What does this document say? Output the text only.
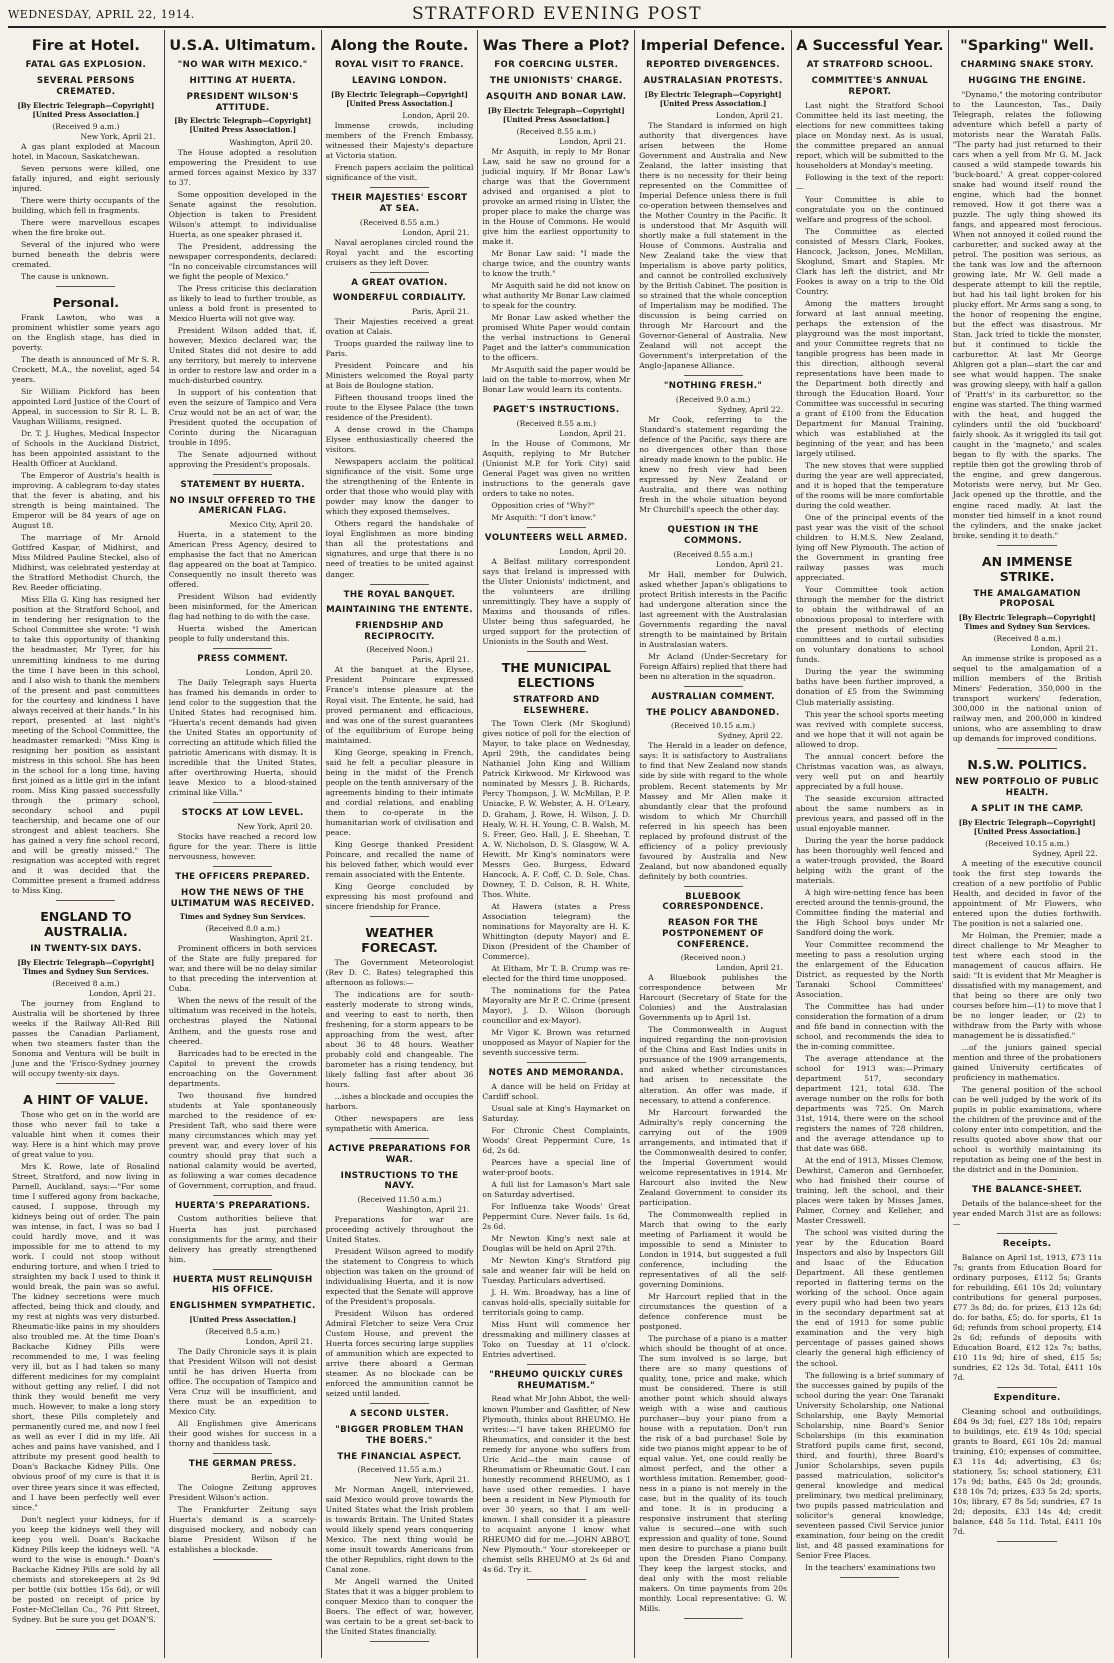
WEDNESDAY, APRIL 22, 1914.	STRATFORD EVENING POST
Fire at Hotel.
FATAL GAS EXPLOSION.
SEVERAL PERSONS CREMATED.
[By Electric Telegraph—Copyright] [United Press Association.]
(Received 9 a.m.)
New York, April 21.

A gas plant exploded at Macoun hotel, in Macoun, Saskatchewan.

Seven persons were killed, one fatally injured, and eight seriously injured.

There were thirty occupants of the building, which fell in fragments.

There were marvellous escapes when the fire broke out.

Several of the injured who were burned beneath the debris were cremated.

The cause is unknown.

Personal.

Frank Lawton, who was a prominent whistler some years ago on the English stage, has died in poverty.

The death is announced of Mr S. R. Crockett, M.A., the novelist, aged 54 years.

Sir William Pickford has been appointed Lord Justice of the Court of Appeal, in succession to Sir R. L. B. Vaughan Williams, resigned.

Dr. T. J. Hughes, Medical Inspector of Schools in the Auckland District, has been appointed assistant to the Health Officer at Auckland.

The Emperor of Austria's health is improving. A cablegram to-day states that the fever is abating, and his strength is being maintained. The Emperor will be 84 years of age on August 18.

The marriage of Mr Arnold Gottfred Kaspar, of Midhirst, and Miss Mildred Pauline Steckel, also of Midhirst, was celebrated yesterday at the Stratford Methodist Church, the Rev. Reeder officiating.

Miss Ella G. King has resigned her position at the Stratford School, and in tendering her resignation to the School Committee she wrote: "I wish to take this opportunity of thanking the headmaster, Mr Tyrer, for his unremitting kindness to me during the time I have been in this school, and I also wish to thank the members of the present and past committees for the courtesy and kindness I have always received at their hands." In his report, presented at last night's meeting of the School Committee, the headmaster remarked: "Miss King is resigning her position as assistant mistress in this school. She has been in the school for a long time, having first joined as a little girl in the infant room. Miss King passed successfully through the primary school, secondary school and pupil teachership, and became one of our strongest and ablest teachers. She has gained a very fine school record, and will be greatly missed." The resignation was accepted with regret and it was decided that the Committee present a framed address to Miss King.

ENGLAND TO AUSTRALIA.
IN TWENTY-SIX DAYS.
[By Electric Telegraph—Copyright] Times and Sydney Sun Services.
(Received 8 a.m.)
London, April 21.

The journey from England to Australia will be shortened by three weeks if the Railway All-Red Bill passes the Canadian Parliament, when two steamers faster than the Sonoma and Ventura will be built in June and the 'Frisco-Sydney journey will occupy twenty-six days.

A HINT OF VALUE.

Those who get on in the world are those who never fail to take a valuable hint when it comes their way. Here is a hint which may prove of great value to you.

Mrs K. Rowe, late of Rosalind Street, Stratford, and now living in Parnell, Auckland, says:—"For some time I suffered agony from backache, caused, I suppose, through my kidneys being out of order. The pain was intense, in fact, I was so bad I could hardly move, and it was impossible for me to attend to my work. I could not stoop without enduring torture, and when I tried to straighten my back I used to think it would break, the pain was so awful. The kidney secretions were much affected, being thick and cloudy, and my rest at nights was very disturbed. Rheumatic-like pains in my shoulders also troubled me. At the time Doan's Backache Kidney Pills were recommended to me, I was feeling very ill, but as I had taken so many different medicines for my complaint without getting any relief, I did not think they would benefit me very much. However, to make a long story short, these Pills completely and permanently cured me, and now I feel as well as ever I did in my life. All aches and pains have vanished, and I attribute my present good health to Doan's Backache Kidney Pills. One obvious proof of my cure is that it is over three years since it was effected, and I have been perfectly well ever since."

Don't neglect your kidneys, for if you keep the kidneys well they will keep you well. Doan's Backache Kidney Pills keep the kidneys well. "A word to the wise is enough." Doan's Backache Kidney Pills are sold by all chemists and storekeepers at 2s 9d per bottle (six bottles 15s 6d), or will be posted on receipt of price by Foster-McClellan Co., 76 Pitt Street, Sydney. But be sure you get DOAN'S.

U.S.A. Ultimatum.
"NO WAR WITH MEXICO."
HITTING AT HUERTA.
PRESIDENT WILSON'S ATTITUDE.
[By Electric Telegraph—Copyright] [United Press Association.]
Washington, April 20.

The House adopted a resolution empowering the President to use armed forces against Mexico by 337 to 37.

Some opposition developed in the Senate against the resolution. Objection is taken to President Wilson's attempt to individualise Huerta, as one speaker phrased it.

The President, addressing the newspaper correspondents, declared: "In no conceivable circumstances will we fight the people of Mexico."

The Press criticise this declaration as likely to lead to further trouble, as unless a bold front is presented to Mexico Huerta will not give way.

President Wilson added that, if, however, Mexico declared war, the United States did not desire to add any territory, but merely to intervene in order to restore law and order in a much-disturbed country.

In support of his contention that even the seizure of Tampico and Vera Cruz would not be an act of war, the President quoted the occupation of Corinto during the Nicaraguan trouble in 1895.

The Senate adjourned without approving the President's proposals.

STATEMENT BY HUERTA.
NO INSULT OFFERED TO THE AMERICAN FLAG.
Mexico City, April 20.

Huerta, in a statement to the American Press Agency, desired to emphasise the fact that no American flag appeared on the boat at Tampico. Consequently no insult thereto was offered.

President Wilson had evidently been misinformed, for the American flag had nothing to do with the case.

Huerta wished the American people to fully understand this.

PRESS COMMENT.
London, April 20.

The Daily Telegraph says Huerta has framed his demands in order to lend color to the suggestion that the United States had recognised him. "Huerta's recent demands had given the United States an opportunity of correcting an attitude which filled the patriotic Americans with dismay. It is incredible that the United States, after overthrowing Huerta, should leave Mexico to a blood-stained criminal like Villa."

STOCKS AT LOW LEVEL.
New York, April 20.

Stocks have reached a record low figure for the year. There is little nervousness, however.

THE OFFICERS PREPARED.
HOW THE NEWS OF THE ULTIMATUM WAS RECEIVED.
Times and Sydney Sun Services.
(Received 8.0 a.m.)
Washington, April 21.

Prominent officers in both services of the State are fully prepared for war, and there will be no delay similar to that preceding the intervention at Cuba.

When the news of the result of the ultimatum was received in the hotels, orchestras played the National Anthem, and the guests rose and cheered.

Barricades had to be erected in the Capitol to prevent the crowds encroaching on the Government departments.

Two thousand five hundred students at Yale spontaneously marched to the residence of ex-President Taft, who said there were many circumstances which may yet prevent war, and every lover of his country should pray that such a national calamity would be averted, as following a war comes decadence of Government, corruption, and fraud.

HUERTA'S PREPARATIONS.

Custom authorities believe that Huerta has just purchased consignments for the army, and their delivery has greatly strengthened him.

HUERTA MUST RELINQUISH HIS OFFICE.
ENGLISHMEN SYMPATHETIC.
[United Press Association.]
(Received 8.5 a.m.)
London, April 21.

The Daily Chronicle says it is plain that President Wilson will not desist until he has driven Huerta from office. The occupation of Tampico and Vera Cruz will be insufficient, and there must be an expedition to Mexico City.

All Englishmen give Americans their good wishes for success in a thorny and thankless task.

THE GERMAN PRESS.
Berlin, April 21.

The Cologne Zeitung approves President Wilson's action.

The Frankfurter Zeitung says Huerta's demand is a scarcely-disguised mockery, and nobody can blame President Wilson if he establishes a blockade.

Along the Route.
ROYAL VISIT TO FRANCE.
LEAVING LONDON.
[By Electric Telegraph—Copyright] [United Press Association.]
London, April 20.

Immense crowds, including members of the French Embassy, witnessed their Majesty's departure at Victoria station.

French papers acclaim the political significance of the visit.

THEIR MAJESTIES' ESCORT AT SEA.
(Received 8.55 a.m.)
London, April 21.

Naval aeroplanes circled round the Royal yacht and the escorting cruisers as they left Dover.

A GREAT OVATION.
WONDERFUL CORDIALITY.
Paris, April 21.

Their Majesties received a great ovation at Calais.

Troops guarded the railway line to Paris.

President Poincare and his Ministers welcomed the Royal party at Bois de Boulogne station.

Fifteen thousand troops lined the route to the Elysee Palace (the town residence of the President).

A dense crowd in the Champs Elysee enthusiastically cheered the visitors.

Newspapers acclaim the political significance of the visit. Some urge the strengthening of the Entente in order that those who would play with powder may know the danger to which they exposed themselves.

Others regard the handshake of loyal Englishmen as more binding than all the protestations and signatures, and urge that there is no need of treaties to be united against danger.

THE ROYAL BANQUET.
MAINTAINING THE ENTENTE.
FRIENDSHIP AND RECIPROCITY.
(Received Noon.)
Paris, April 21.

At the banquet at the Elysee, President Poincare expressed France's intense pleasure at the Royal visit. The Entente, he said, had proved permanent and efficacious, and was one of the surest guarantees of the equilibrium of Europe being maintained.

King George, speaking in French, said he felt a peculiar pleasure in being in the midst of the French people on the tenth anniversary of the agreements binding to their intimate and cordial relations, and enabling them to co-operate in the humanitarian work of civilisation and peace.

King George thanked President Poincare, and recalled the name of his beloved father, which would ever remain associated with the Entente.

King George concluded by expressing his most profound and sincere friendship for France.

WEATHER FORECAST.

The Government Meteorologist (Rev D. C. Bates) telegraphed this afternoon as follows:—

The indications are for south-easterly moderate to strong winds, and veering to east to north, then freshening, for a storm appears to be approaching from the west, after about 36 to 48 hours. Weather probably cold and changeable. The barometer has a rising tendency, but likely falling fast after about 36 hours.

...ishes a blockade and occupies the harbors.

Other newspapers are less sympathetic with America.

ACTIVE PREPARATIONS FOR WAR.
INSTRUCTIONS TO THE NAVY.
(Received 11.50 a.m.)
Washington, April 21.

Preparations for war are proceeding actively throughout the United States.

President Wilson agreed to modify the statement to Congress to which objection was taken on the ground of individualising Huerta, and it is now expected that the Senate will approve of the President's proposals.

President Wilson has ordered Admiral Fletcher to seize Vera Cruz Custom House, and prevent the Huerta forces securing large supplies of ammunition which are expected to arrive there aboard a German steamer. As no blockade can be enforced the ammunition cannot be seized until landed.

A SECOND ULSTER.
"BIGGER PROBLEM THAN THE BOERS."
THE FINANCIAL ASPECT.
(Received 11.55 a.m.)
New York, April 21.

Mr Norman Angell, interviewed, said Mexico would prove towards the United States what the Irish problem is towards Britain. The United States would likely spend years conquering Mexico. The next thing would be some insult towards Americans from the other Republics, right down to the Canal zone.

Mr Angell warned the United States that it was a bigger problem to conquer Mexico than to conquer the Boers. The effect of war, however, was certain to be a great set-back to the United States financially.

Was There a Plot?
FOR COERCING ULSTER.
THE UNIONISTS' CHARGE.
ASQUITH AND BONAR LAW.
[By Electric Telegraph—Copyright] [United Press Association.]
(Received 8.55 a.m.)
London, April 21.

Mr Asquith, in reply to Mr Bonar Law, said he saw no ground for a judicial inquiry. If Mr Bonar Law's charge was that the Government advised and organised a plot to provoke an armed rising in Ulster, the proper place to make the charge was in the House of Commons. He would give him the earliest opportunity to make it.

Mr Bonar Law said: "I made the charge twice, and the country wants to know the truth."

Mr Asquith said he did not know on what authority Mr Bonar Law claimed to speak for the country.

Mr Bonar Law asked whether the promised White Paper would contain the verbal instructions to General Paget and the latter's communication to the officers.

Mr Asquith said the paper would be laid on the table to-morrow, when Mr Bonar Law would learn its contents.

PAGET'S INSTRUCTIONS.
(Received 8.55 a.m.)
London, April 21.

In the House of Commons, Mr Asquith, replying to Mr Butcher (Unionist M.P. for York City) said General Paget was given no written instructions to the generals gave orders to take no notes.

Opposition cries of "Why?"

Mr Asquith: "I don't know."

VOLUNTEERS WELL ARMED.
London, April 20.

A Belfast military correspondent says that Ireland is impressed with the Ulster Unionists' indictment, and the volunteers are drilling unremittingly. They have a supply of Maxims and thousands of rifles. Ulster being thus safeguarded, he urged support for the protection of Unionists in the South and West.

THE MUNICIPAL ELECTIONS
STRATFORD AND ELSEWHERE.

The Town Clerk (Mr Skoglund) gives notice of poll for the election of Mayor, to take place on Wednesday, April 29th, the candidates being Nathaniel John King and William Patrick Kirkwood. Mr Kirkwood was nominated by Messrs J. B. Richards, Percy Thompson, J. W. McMillan, P. P. Uniacke, F. W. Webster, A. H. O'Leary, D. Graham, J. Rowe, H. Wilson, J. D. Healy, W. H. H. Young, C. B. Walsh, M. S. Freer, Geo. Hall, J. E. Sheehan, T. A. W. Nicholson, D. S. Glasgow, W. A. Hewitt. Mr King's nominators were Messrs Geo. Burgess, Edward Hancock, A. F. Coff, C. D. Sole, Chas. Downey, T. D. Colson, R. H. White, Thos. White.

At Hawera (states a Press Association telegram) the nominations for Mayoralty are H. K. Whittington (deputy Mayor) and E. Dixon (President of the Chamber of Commerce).

At Eltham, Mr T. B. Crump was re-elected for the third time unopposed.

The nominations for the Patea Mayoralty are Mr P. C. Crime (present Mayor), J. D. Wilson (borough councillor and ex-Mayor).

Mr Vigor K. Brown was returned unopposed as Mayor of Napier for the seventh successive term.

NOTES AND MEMORANDA.

A dance will be held on Friday at Cardiff school.

Usual sale at King's Haymarket on Saturday.

For Chronic Chest Complaints, Woods' Great Peppermint Cure, 1s 6d, 2s 6d.

Pearces have a special line of water-proof boots.

A full list for Lamason's Mart sale on Saturday advertised.

For Influenza take Woods' Great Peppermint Cure. Never fails. 1s 6d, 2s 6d.

Mr Newton King's next sale at Douglas will be held on April 27th.

Mr Newton King's Stratford pig sale and weaner fair will be held on Tuesday. Particulars advertised.

J. H. Wm. Broadway, has a line of canvas hold-alls, specially suitable for territorials going to camp.

Miss Hunt will commence her dressmaking and millinery classes at Toko on Tuesday at 11 o'clock. Entries advertised.

"RHEUMO QUICKLY CURES RHEUMATISM."

Read what Mr John Abbot, the well-known Plumber and Gasfitter, of New Plymouth, thinks about RHEUMO. He writes:—"I have taken RHEUMO for Rheumatics, and consider it the best remedy for anyone who suffers from Uric Acid—the main cause of Rheumatism or Rheumatic Gout. I can honestly recommend RHEUMO, as I have used other remedies. I have been a resident in New Plymouth for over 30 years, so that I am well-known. I shall consider it a pleasure to acquaint anyone I know what RHEUMO did for me.—JOHN ABBOT, New Plymouth." Your storekeeper or chemist sells RHEUMO at 2s 6d and 4s 6d. Try it.

Imperial Defence.
REPORTED DIVERGENCES.
AUSTRALASIAN PROTESTS.
[By Electric Telegraph—Copyright] [United Press Association.]
London, April 21.

The Standard is informed on high authority that divergences have arisen between the Home Government and Australia and New Zealand, the latter insisting that there is no necessity for their being represented on the Committee of Imperial Defence unless there is full co-operation between themselves and the Mother Country in the Pacific. It is understood that Mr Asquith will shortly make a full statement in the House of Commons. Australia and New Zealand take the view that Imperialism is above party politics, and cannot be controlled exclusively by the British Cabinet. The position is so strained that the whole conception of Imperialism may be modified. The discussion is being carried on through Mr Harcourt and the Governor-General of Australia. New Zealand will not accept the Government's interpretation of the Anglo-Japanese Alliance.

"NOTHING FRESH."
(Received 9.0 a.m.)
Sydney, April 22.

Mr Cook, referring to the Standard's statement regarding the defence of the Pacific, says there are no divergences other than those already made known to the public. He knew no fresh view had been expressed by New Zealand or Australia, and there was nothing fresh in the whole situation beyond Mr Churchill's speech the other day.

QUESTION IN THE COMMONS.
(Received 8.55 a.m.)
London, April 21.

Mr Hall, member for Dulwich, asked whether Japan's obligations to protect British interests in the Pacific had undergone alteration since the last agreement with the Australasian Governments regarding the naval strength to be maintained by Britain in Australasian waters.

Mr Acland (Under-Secretary for Foreign Affairs) replied that there had been no alteration in the squadron.

AUSTRALIAN COMMENT.
THE POLICY ABANDONED.
(Received 10.15 a.m.)
Sydney, April 22.

The Herald in a leader on defence, says: It is satisfactory to Australians to find that New Zealand now stands side by side with regard to the whole problem. Recent statements by Mr Massey and Mr Allen make it abundantly clear that the profound wisdom to which Mr Churchill referred in his speech has been replaced by profound distrust of the efficiency of a policy previously favoured by Australia and New Zealand, but now abandoned equally definitely by both countries.

BLUEBOOK CORRESPONDENCE.
REASON FOR THE POSTPONEMENT OF CONFERENCE.
(Received noon.)
London, April 21.

A Bluebook publishes the correspondence between Mr Harcourt (Secretary of State for the Colonies) and the Australasian Governments up to April 1st.

The Commonwealth in August inquired regarding the non-provision of the China and East Indies units in pursuance of the 1909 arrangements, and asked whether circumstances had arisen to necessitate the alteration. An offer was made, if necessary, to attend a conference.

Mr Harcourt forwarded the Admiralty's reply concerning the carrying out of the 1909 arrangements, and intimated that if the Commonwealth desired to confer, the Imperial Government would welcome representatives in 1914. Mr Harcourt also invited the New Zealand Government to consider its participation.

The Commonwealth replied in March that owing to the early meeting of Parliament it would be impossible to send a Minister to London in 1914, but suggested a full conference, including the representatives of all the self-governing Dominions.

Mr Harcourt replied that in the circumstances the question of a defence conference must be postponed.

The purchase of a piano is a matter which should be thought of at once. The sum involved is so large, but there are so many questions of quality, tone, price and make, which must be considered. There is still another point which should always weigh with a wise and cautious purchaser—buy your piano from a house with a reputation. Don't run the risk of a bad purchase! Sole by side two pianos might appear to be of equal value. Yet, one could really be almost perfect, and the other a worthless imitation. Remember, good-ness in a piano is not merely in the case, but in the quality of its touch and tone. It is in producing a responsive instrument that sterling value is secured—one with such expression and quality of tone. Sound men desire to purchase a piano built upon the Dresden Piano Company. They keep the largest stocks, and deal only with the most reliable makers. On time payments from 20s monthly. Local representative: G. W. Mills.

A Successful Year.
AT STRATFORD SCHOOL.
COMMITTEE'S ANNUAL REPORT.

Last night the Stratford School Committee held its last meeting, the elections for new committees taking place on Monday next. As is usual, the committee prepared an annual report, which will be submitted to the householders at Monday's meeting.

Following is the text of the report:—

Your Committee is able to congratulate you on the continued welfare and progress of the school.

The Committee as elected consisted of Messrs Clark, Fookes, Hancock, Jackson, Jones, McMillan, Skoglund, Smart and Staples. Mr Clark has left the district, and Mr Fookes is away on a trip to the Old Country.

Among the matters brought forward at last annual meeting, perhaps the extension of the playground was the most important, and your Committee regrets that no tangible progress has been made in this direction, although several representations have been made to the Department both directly and through the Education Board. Your Committee was successful in securing a grant of £100 from the Education Department for Manual Training, which was established at the beginning of the year, and has been largely utilised.

The new stoves that were supplied during the year are well appreciated, and it is hoped that the temperature of the rooms will be more comfortable during the cold weather.

One of the principal events of the past year was the visit of the school children to H.M.S. New Zealand, lying off New Plymouth. The action of the Government in granting free railway passes was much appreciated.

Your Committee took action through the member for the district to obtain the withdrawal of an obnoxious proposal to interfere with the present methods of electing committees and to curtail subsidies on voluntary donations to school funds.

During the year the swimming baths have been further improved, a donation of £5 from the Swimming Club materially assisting.

This year the school sports meeting was revived with complete success, and we hope that it will not again be allowed to drop.

The annual concert before the Christmas vacation was, as always, very well put on and heartily appreciated by a full house.

The seaside excursion attracted about the same numbers as in previous years, and passed off in the usual enjoyable manner.

During the year the horse paddock has been thoroughly well fenced and a water-trough provided, the Board helping with the grant of the materials.

A high wire-netting fence has been erected around the tennis-ground, the Committee finding the material and the High School boys under Mr Sandford doing the work.

Your Committee recommend the meeting to pass a resolution urging the enlargement of the Education District, as requested by the North Taranaki School Committees' Association.

The Committee has had under consideration the formation of a drum and fife band in connection with the school, and recommends the idea to the in-coming committee.

The average attendance at the school for 1913 was:—Primary department 517, secondary department 121, total 638. The average number on the rolls for both departments was 725. On March 31st, 1914, there were on the school registers the names of 728 children, and the average attendance up to that date was 668.

At the end of 1913, Misses Clemow, Dewhirst, Cameron and Gernhoefer, who had finished their course of training, left the school, and their places were taken by Misses James, Palmer, Corney and Kelleher, and Master Cresswell.

The school was visited during the year by the Education Board Inspectors and also by Inspectors Gill and Isaac of the Education Department. All these gentlemen reported in flattering terms on the working of the school. Once again every pupil who had been two years in the secondary department sat at the end of 1913 for some public examination and the very high percentage of passes gained shows clearly the general high efficiency of the school.

The following is a brief summary of the successes gained by pupils of the school during the year: One Taranaki University Scholarship, one National Scholarship, one Bayly Memorial Scholarship, nine Board's Senior Scholarships (in this examination Stratford pupils came first, second, third, and fourth), three Board's Junior Scholarships, seven pupils passed matriculation, solicitor's general knowledge and medical preliminary, two medical preliminary, two pupils passed matriculation and solicitor's general knowledge, seventeen passed Civil Service junior examination, four being on the credit list, and 48 passed examinations for Senior Free Places.

In the teachers' examinations two

"Sparking" Well.
CHARMING SNAKE STORY.
HUGGING THE ENGINE.

"Dynamo," the motoring contributor to the Launceston, Tas., Daily Telegraph, relates the following adventure which befell a party of motorists near the Waratah Falls. "The party had just returned to their cars when a yell from Mr G. M. Jack caused a wild stampede towards his 'buck-board.' A great copper-colored snake had wound itself round the engine, which had the bonnet removed. How it got there was a puzzle. The ugly thing showed its fangs, and appeared most ferocious. When not annoyed it coiled round the carburetter, and sucked away at the petrol. The position was serious, as the tank was low and the afternoon growing late. Mr W. Gell made a desperate attempt to kill the reptile, but had his tail light broken for his plucky effort. Mr Arms sang a song, to the honor of reopening the engine, but the effect was disastrous. Mr Stan. Jack tried to tickle the monster, but it continued to tickle the carburettor. At last Mr George Ahlgren got a plan—start the car and see what would happen. The snake was growing sleepy, with half a gallon of 'Pratt's' in its carburettor, so the engine was started. The thing warmed with the heat, and hugged the cylinders until the old 'buckboard' fairly shook. As it wriggled its tail got caught in the 'magneto,' and scales began to fly with the sparks. The reptile then got the growling throb of the engine, and grew dangerous. Motorists were nervy, but Mr Geo. Jack opened up the throttle, and the engine raced madly. At last the monster tied himself in a knot round the cylinders, and the snake jacket broke, sending it to death."

AN IMMENSE STRIKE.
THE AMALGAMATION PROPOSAL
[By Electric Telegraph—Copyright] Times and Sydney Sun Services.
(Received 8 a.m.)
London, April 21.

An immense strike is proposed as a sequel to the amalgamation of a million members of the British Miners' Federation, 350,000 in the transport workers' federation, 300,000 in the national union of railway men, and 200,000 in kindred unions, who are assembling to draw up demands for improved conditions.

N.S.W. POLITICS.
NEW PORTFOLIO OF PUBLIC HEALTH.
A SPLIT IN THE CAMP.
[By Electric Telegraph—Copyright] [United Press Association.]
(Received 10.15 a.m.)
Sydney, April 22.

A meeting of the executive council took the first step towards the creation of a new portfolio of Public Health, and decided in favor of the appointment of Mr Flowers, who entered upon the duties forthwith. The position is not a salaried one.

Mr Holman, the Premier, made a direct challenge to Mr Meagher to test where each stood in the management of caucus affairs. He said: "It is evident that Mr Meagher is dissatisfied with my management, and that being so there are only two courses before him—(1) to move that I be no longer leader, or (2) to withdraw from the Party with whose management he is dissatisfied."

...of the juniors gained special mention and three of the probationers gained University certificates of proficiency in mathematics.

The general position of the school can be well judged by the work of its pupils in public examinations, where the children of the province and of the colony enter into competition, and the results quoted above show that our school is worthily maintaining its reputation as being one of the best in the district and in the Dominion.

THE BALANCE-SHEET.

Details of the balance-sheet for the year ended March 31st are as follows:—

Receipts.

Balance on April 1st, 1913, £73 11s 7s; grants from Education Board for ordinary purposes, £112 5s; Grants for rebuilding, £61 10s 2d; voluntary contributions for general purposes, £77 3s 8d; do. for prizes, £13 12s 6d; do. for baths, £5; do. for sports, £1 1s 6d; refunds from school property, £14 2s 6d; refunds of deposits with Education Board, £12 12s 7s; baths, £10 11s 9d; hire of shed, £15 5s; sundries, £2 12s 3d. Total, £411 10s 7d.

Expenditure.

Cleaning school and outbuildings, £84 9s 3d; fuel, £27 18s 10d; repairs to buildings, etc. £19 4s 10d; special grants to Board, £61 10s 2d; manual training, £10; expenses of committee, £3 11s 4d; advertising, £3 6s; stationery, 5s; school stationery, £31 17s 9d; baths, £45 0s 2d; grounds, £18 10s 7d; prizes, £33 5s 2d; sports, 10s; library, £7 8s 5d; sundries, £7 1s 2d; deposits, £33 14s 4d; credit balance, £48 5s 11d. Total, £411 10s 7d.
